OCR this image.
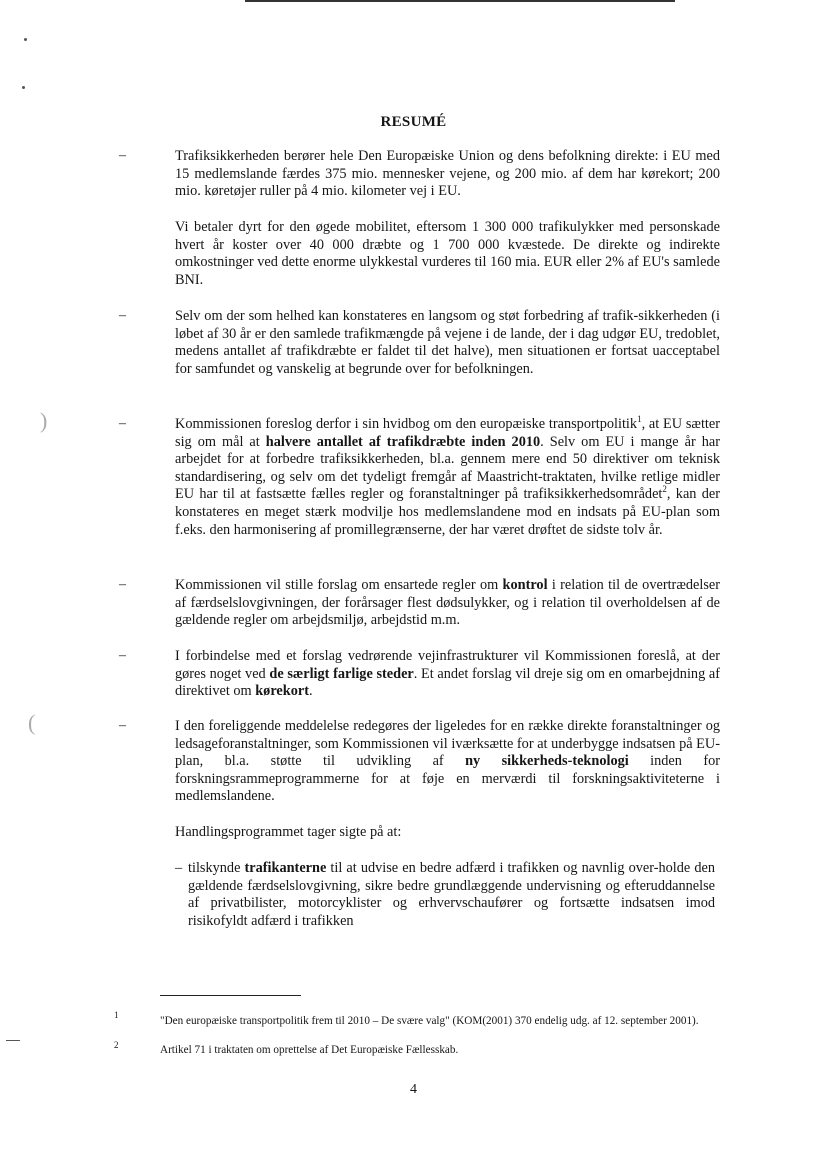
)
(
RESUMÉ
–	Trafiksikkerheden berører hele Den Europæiske Union og dens befolkning direkte: i EU med 15 medlemslande færdes 375 mio. mennesker vejene, og 200 mio. af dem har kørekort; 200 mio. køretøjer ruller på 4 mio. kilometer vej i EU.

Vi betaler dyrt for den øgede mobilitet, eftersom 1 300 000 trafikulykker med personskade hvert år koster over 40 000 dræbte og 1 700 000 kvæstede. De direkte og indirekte omkostninger ved dette enorme ulykkestal vurderes til 160 mia. EUR eller 2% af EU's samlede BNI.

–	Selv om der som helhed kan konstateres en langsom og støt forbedring af trafik-sikkerheden (i løbet af 30 år er den samlede trafikmængde på vejene i de lande, der i dag udgør EU, tredoblet, medens antallet af trafikdræbte er faldet til det halve), men situationen er fortsat uacceptabel for samfundet og vanskelig at begrunde over for befolkningen.

–	Kommissionen foreslog derfor i sin hvidbog om den europæiske transportpolitik$^1$, at EU sætter sig om mål at halvere antallet af trafikdræbte inden 2010. Selv om EU i mange år har arbejdet for at forbedre trafiksikkerheden, bl.a. gennem mere end 50 direktiver om teknisk standardisering, og selv om det tydeligt fremgår af Maastricht-traktaten, hvilke retlige midler EU har til at fastsætte fælles regler og foranstaltninger på trafiksikkerhedsområdet$^2$, kan der konstateres en meget stærk modvilje hos medlemslandene mod en indsats på EU-plan som f.eks. den harmonisering af promillegrænserne, der har været drøftet de sidste tolv år.

–	Kommissionen vil stille forslag om ensartede regler om kontrol i relation til de overtrædelser af færdselslovgivningen, der forårsager flest dødsulykker, og i relation til overholdelsen af de gældende regler om arbejdsmiljø, arbejdstid m.m.

–	I forbindelse med et forslag vedrørende vejinfrastrukturer vil Kommissionen foreslå, at der gøres noget ved de særligt farlige steder. Et andet forslag vil dreje sig om en omarbejdning af direktivet om kørekort.

–	I den foreliggende meddelelse redegøres der ligeledes for en række direkte foranstaltninger og ledsageforanstaltninger, som Kommissionen vil iværksætte for at underbygge indsatsen på EU-plan, bl.a. støtte til udvikling af ny sikkerheds-teknologi inden for forskningsrammeprogrammerne for at føje en merværdi til forskningsaktiviteterne i medlemslandene.

Handlingsprogrammet tager sigte på at:

– tilskynde trafikanterne til at udvise en bedre adfærd i trafikken og navnlig over-holde den gældende færdselslovgivning, sikre bedre grundlæggende undervisning og efteruddannelse af privatbilister, motorcyklister og erhvervschaufører og fortsætte indsatsen imod risikofyldt adfærd i trafikken

1	"Den europæiske transportpolitik frem til 2010 – De svære valg" (KOM(2001) 370 endelig udg. af 12. september 2001).

2	Artikel 71 i traktaten om oprettelse af Det Europæiske Fællesskab.

4
